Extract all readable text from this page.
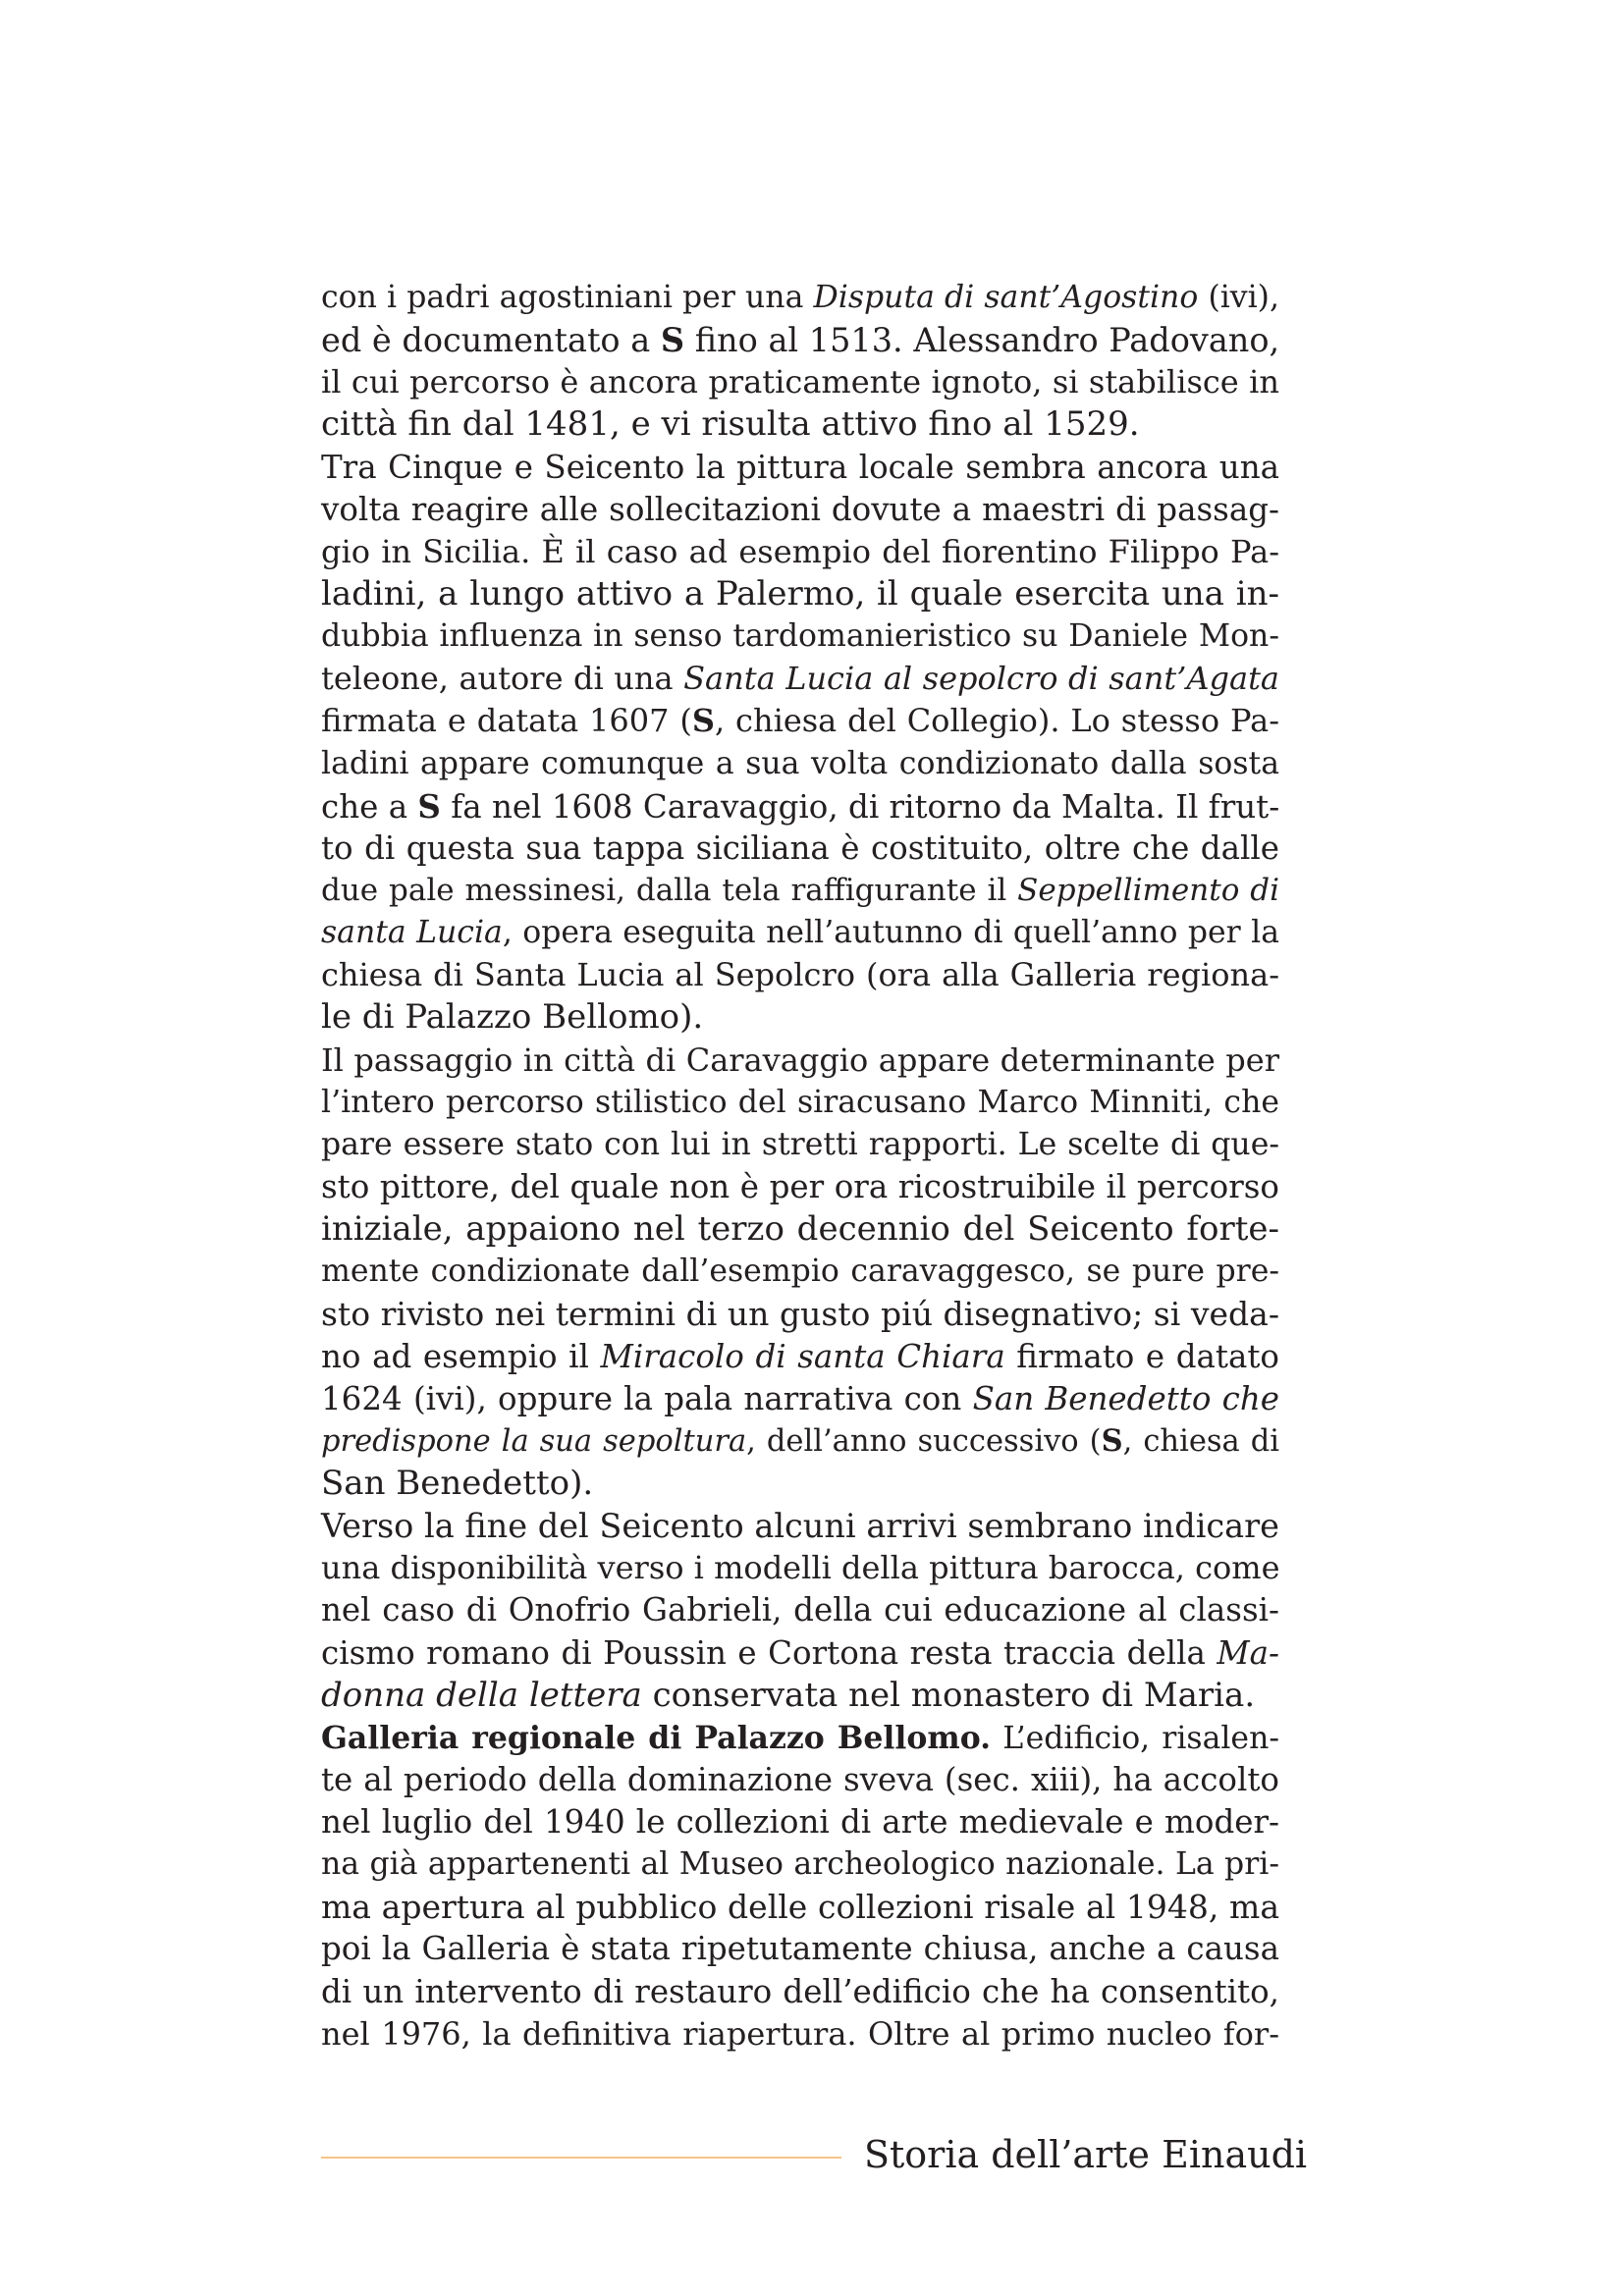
con i padri agostiniani per una Disputa di sant’Agostino (ivi),
ed è documentato a S fino al 1513. Alessandro Padovano,
il cui percorso è ancora praticamente ignoto, si stabilisce in
città fin dal 1481, e vi risulta attivo fino al 1529.
Tra Cinque e Seicento la pittura locale sembra ancora una
volta reagire alle sollecitazioni dovute a maestri di passag-
gio in Sicilia. È il caso ad esempio del fiorentino Filippo Pa-
ladini, a lungo attivo a Palermo, il quale esercita una in-
dubbia influenza in senso tardomanieristico su Daniele Mon-
teleone, autore di una Santa Lucia al sepolcro di sant’Agata
firmata e datata 1607 (S, chiesa del Collegio). Lo stesso Pa-
ladini appare comunque a sua volta condizionato dalla sosta
che a S fa nel 1608 Caravaggio, di ritorno da Malta. Il frut-
to di questa sua tappa siciliana è costituito, oltre che dalle
due pale messinesi, dalla tela raffigurante il Seppellimento di
santa Lucia, opera eseguita nell’autunno di quell’anno per la
chiesa di Santa Lucia al Sepolcro (ora alla Galleria regiona-
le di Palazzo Bellomo).
Il passaggio in città di Caravaggio appare determinante per
l’intero percorso stilistico del siracusano Marco Minniti, che
pare essere stato con lui in stretti rapporti. Le scelte di que-
sto pittore, del quale non è per ora ricostruibile il percorso
iniziale, appaiono nel terzo decennio del Seicento forte-
mente condizionate dall’esempio caravaggesco, se pure pre-
sto rivisto nei termini di un gusto piú disegnativo; si veda-
no ad esempio il Miracolo di santa Chiara firmato e datato
1624 (ivi), oppure la pala narrativa con San Benedetto che
predispone la sua sepoltura, dell’anno successivo (S, chiesa di
San Benedetto).
Verso la fine del Seicento alcuni arrivi sembrano indicare
una disponibilità verso i modelli della pittura barocca, come
nel caso di Onofrio Gabrieli, della cui educazione al classi-
cismo romano di Poussin e Cortona resta traccia della Ma-
donna della lettera conservata nel monastero di Maria.
Galleria regionale di Palazzo Bellomo. L’edificio, risalen-
te al periodo della dominazione sveva (sec. xiii), ha accolto
nel luglio del 1940 le collezioni di arte medievale e moder-
na già appartenenti al Museo archeologico nazionale. La pri-
ma apertura al pubblico delle collezioni risale al 1948, ma
poi la Galleria è stata ripetutamente chiusa, anche a causa
di un intervento di restauro dell’edificio che ha consentito,
nel 1976, la definitiva riapertura. Oltre al primo nucleo for-
Storia dell’arte Einaudi
